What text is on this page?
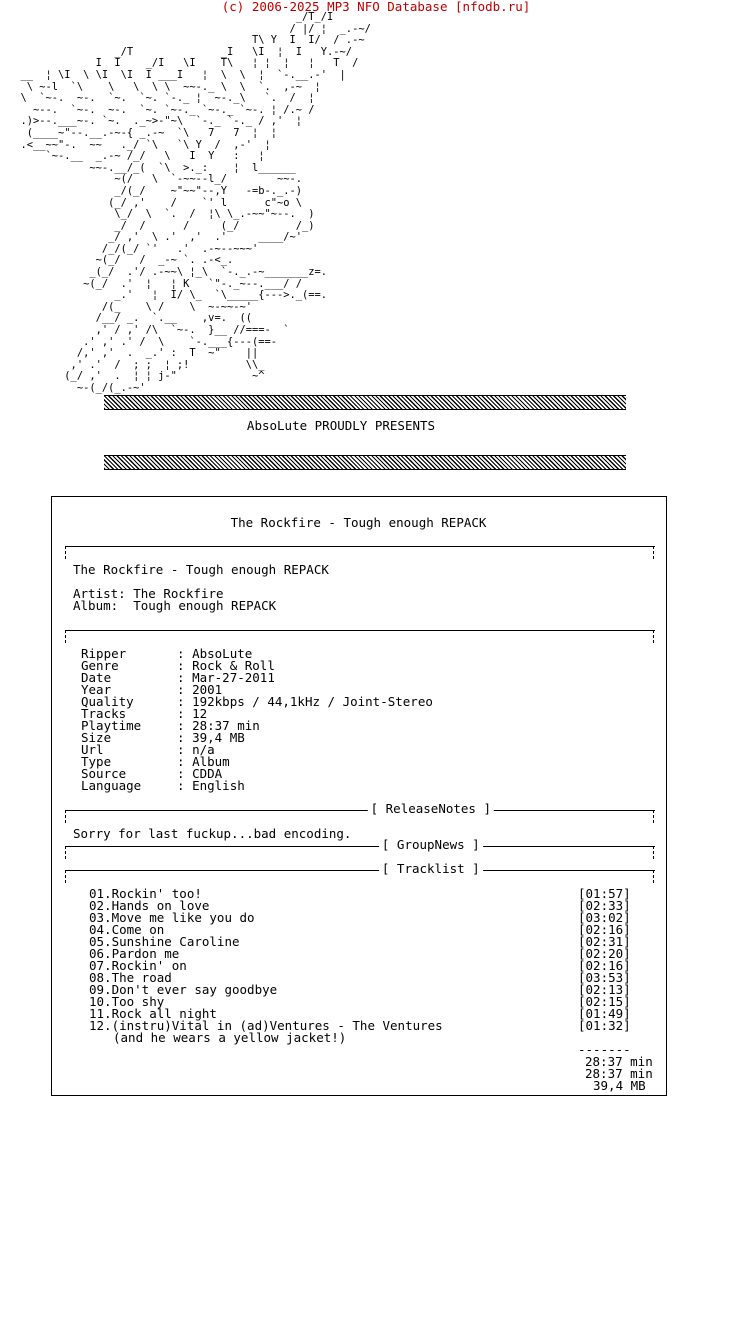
(c) 2006-2025 MP3 NFO Database [nfodb.ru]
_/T_/I
/ |/ ¦  _.-~/
T\ Y  I  I/  / .-~
_/T              _I   \I  ¦  I   Y.-~/
I  I    _/I   \I    T\   ¦ ¦  ¦   ¦   T  /
__  ¦ \I  \ \I  \I  I ___I   ¦  \  \  ¦  `-.__.-'  |
\ ~-l  `\    \   \  \ \  ~~-._ \  \  `.  ,-~  ¦
\  `~-.  ~-.  `~.  `~. `-._ ¦  ~-._\   `.  /  ¦
~--.  `~-.  ~-.  `~. `~-._ `~-._ `~-. ¦ /.~ /
.)>--.___~-. `~.  ._~>-"~\  `-._ `-._ / ,'  ¦
(____~"--.__.-~-{ _.-~  `\   7   7  ¦  ¦
.<__~~"-.  ~~   ._/ `\   `\ Y  /  ,-'  ¦
`~-.__  _.-~ /_/   \   I  Y   :   ¦
~~-.__/_(  `\  >._:    ¦  l______
~(/   \  `-~~--l_/        ~~-.
_/(_/    ~"~~"--,Y   -=b-._.-)
(_/ ,'    /    `' l      c"~o \
\_/  \  `.  /  ¦\ \_.-~~"~--.  )
_/  /      /     (_/         /_)
_/ ,'  \ .'  ,'  .'     ____/~'
/_/(_/ `'   .'  .-~--~~~'
~(_/   /  _-~ `. .-<_.
_(_/  .'/ .-~~\ ¦_\  `-._.-~_______z=.
~(_/  .'  ¦   ¦ K   `"-._~--.___/ /
_.'   ¦  I/ \_  `\_____{--->._(==.
/(_    \ /    \  ~-~~-~'
/__/ _.  `.__    ,v=.  ((
,' / ,' /\  `~-.  }__ //===-  `
.' ,' .' /  \    `-.___{---(==-
/,' ,'  .  _.' :  T  ~"    ||
,' .'  /  ; ;  ¦ ;!         \\_
(_/ ,'  .  ¦ ¦ j-"            ~^
~-(_/(_.-~'
AbsoLute PROUDLY PRESENTS
The Rockfire - Tough enough REPACK
The Rockfire - Tough enough REPACK
Artist: The Rockfire
Album:  Tough enough REPACK
Ripper	: AbsoLute
Genre	: Rock & Roll
Date	: Mar-27-2011
Year	: 2001
Quality	: 192kbps / 44,1kHz / Joint-Stereo
Tracks	: 12
Playtime	: 28:37 min
Size	: 39,4 MB
Url	: n/a
Type	: Album
Source	: CDDA
Language	: English
[ ReleaseNotes ]
Sorry for last fuckup...bad encoding.
[ GroupNews ]
[ Tracklist ]
01.Rockin' too!	[01:57]
02.Hands on love	[02:33]
03.Move me like you do	[03:02]
04.Come on	[02:16]
05.Sunshine Caroline	[02:31]
06.Pardon me	[02:20]
07.Rockin' on	[02:16]
08.The road	[03:53]
09.Don't ever say goodbye	[02:13]
10.Too shy	[02:15]
11.Rock all night	[01:49]
12.(instru)Vital in (ad)Ventures - The Ventures	[01:32]
(and he wears a yellow jacket!)
-------
28:37 min
28:37 min
39,4 MB
